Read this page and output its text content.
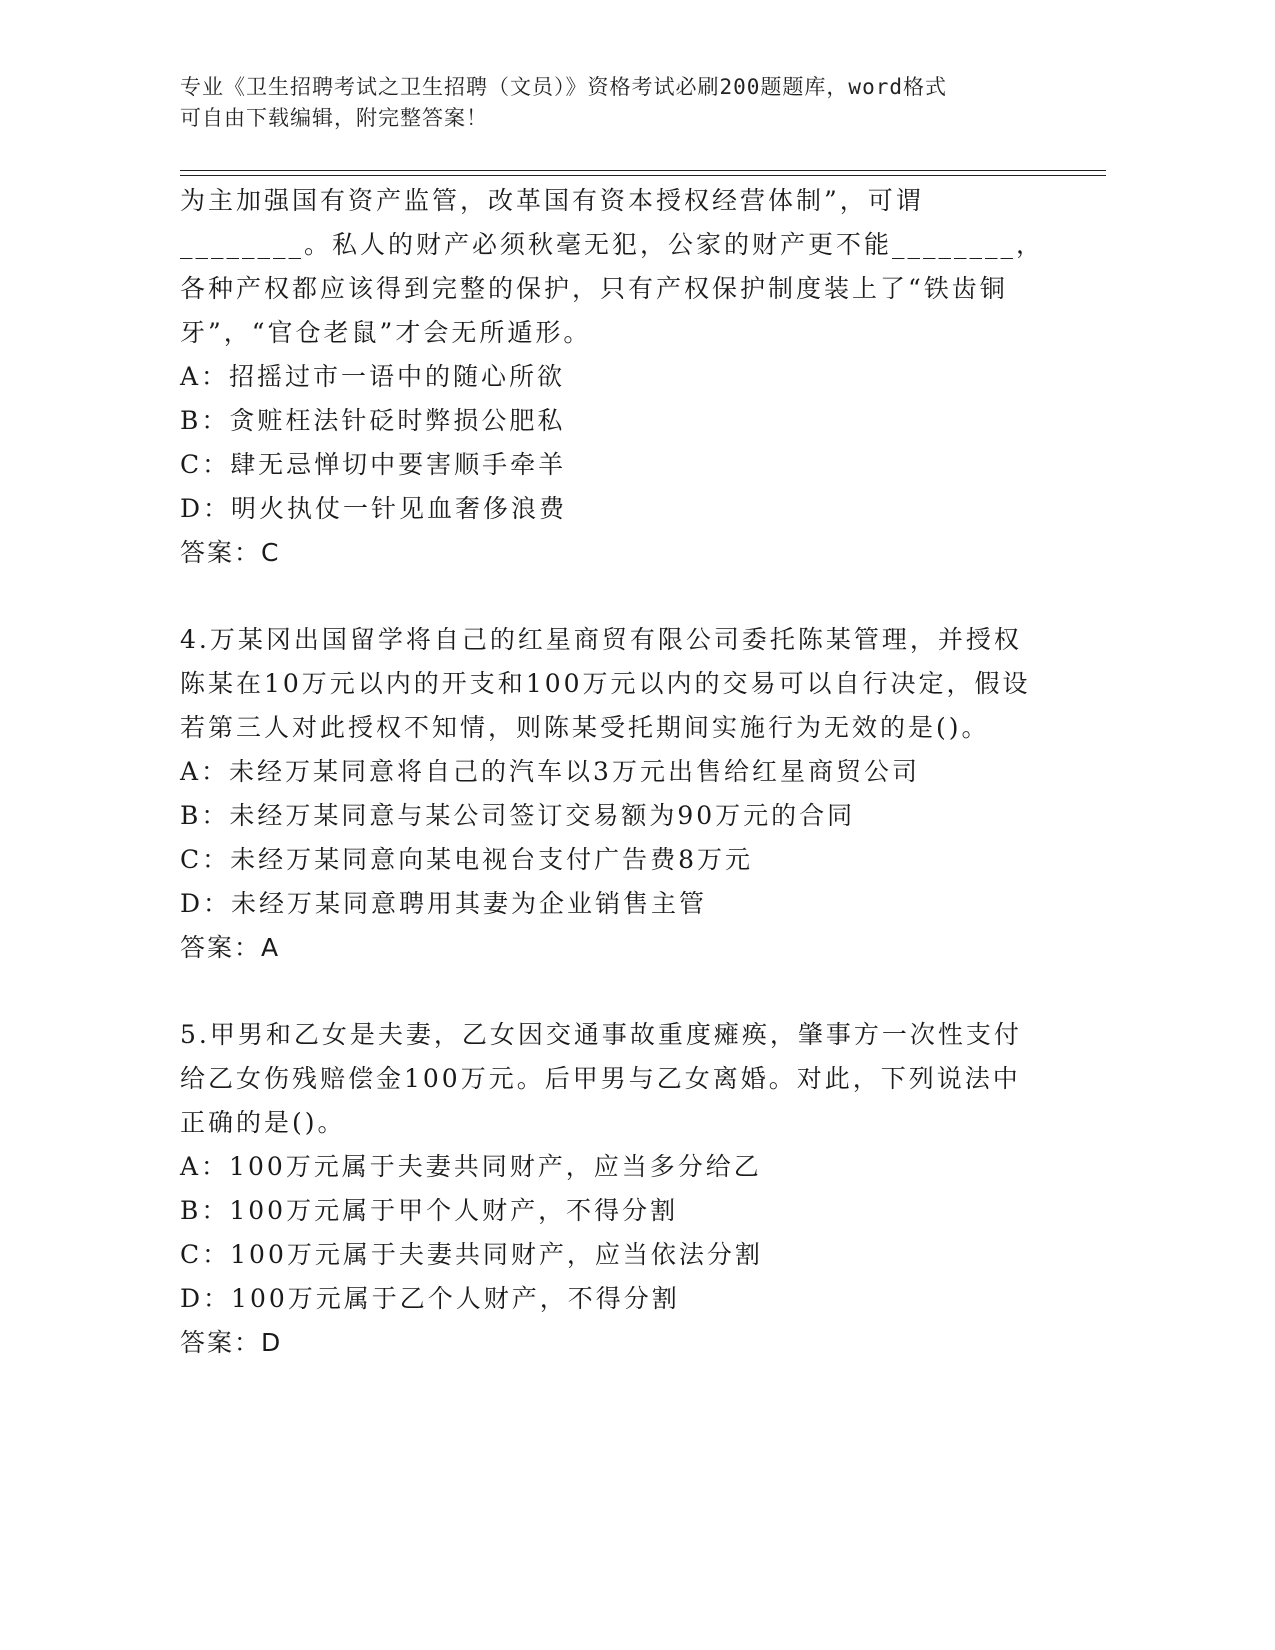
专业《卫生招聘考试之卫生招聘（文员）》资格考试必刷200题题库，word格式
可自由下载编辑，附完整答案！

为主加强国有资产监管，改革国有资本授权经营体制”，可谓

________。私人的财产必须秋毫无犯，公家的财产更不能________，

各种产权都应该得到完整的保护，只有产权保护制度装上了“铁齿铜

牙”，“官仓老鼠”才会无所遁形。

A：招摇过市一语中的随心所欲

B：贪赃枉法针砭时弊损公肥私

C：肆无忌惮切中要害顺手牵羊

D：明火执仗一针见血奢侈浪费

答案：C

4.万某冈出国留学将自己的红星商贸有限公司委托陈某管理，并授权

陈某在10万元以内的开支和100万元以内的交易可以自行决定，假设

若第三人对此授权不知情，则陈某受托期间实施行为无效的是()。

A：未经万某同意将自己的汽车以3万元出售给红星商贸公司

B：未经万某同意与某公司签订交易额为90万元的合同

C：未经万某同意向某电视台支付广告费8万元

D：未经万某同意聘用其妻为企业销售主管

答案：A

5.甲男和乙女是夫妻，乙女因交通事故重度瘫痪，肇事方一次性支付

给乙女伤残赔偿金100万元。后甲男与乙女离婚。对此，下列说法中

正确的是()。

A：100万元属于夫妻共同财产，应当多分给乙

B：100万元属于甲个人财产，不得分割

C：100万元属于夫妻共同财产，应当依法分割

D：100万元属于乙个人财产，不得分割

答案：D
